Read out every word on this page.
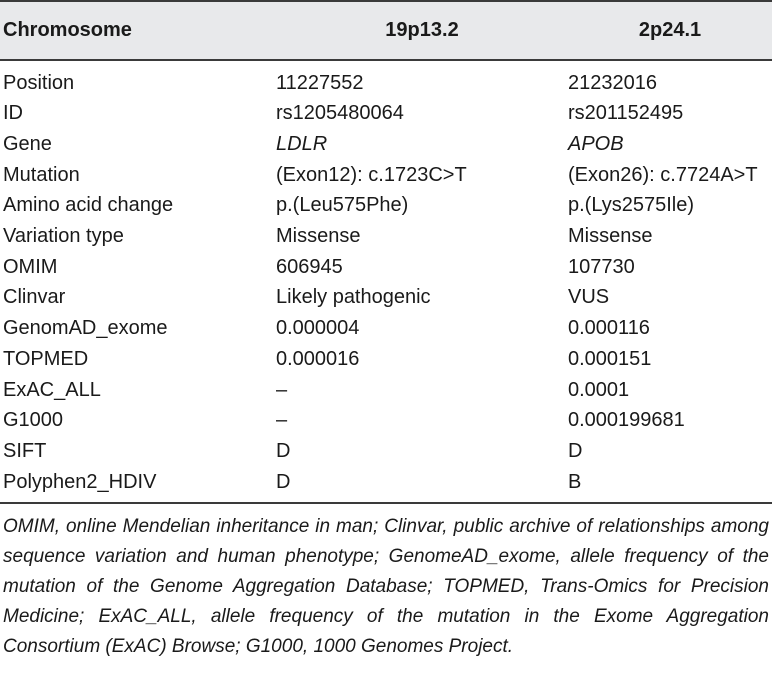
Chromosome	19p13.2	2p24.1
Position	11227552	21232016
ID	rs1205480064	rs201152495
Gene	LDLR	APOB
Mutation	(Exon12): c.1723C>T	(Exon26): c.7724A>T
Amino acid change	p.(Leu575Phe)	p.(Lys2575Ile)
Variation type	Missense	Missense
OMIM	606945	107730
Clinvar	Likely pathogenic	VUS
GenomAD_exome	0.000004	0.000116
TOPMED	0.000016	0.000151
ExAC_ALL	–	0.0001
G1000	–	0.000199681
SIFT	D	D
Polyphen2_HDIV	D	B

OMIM, online Mendelian inheritance in man; Clinvar, public archive of relationships among sequence variation and human phenotype; GenomeAD_exome, allele frequency of the mutation of the Genome Aggregation Database; TOPMED, Trans-Omics for Precision Medicine; ExAC_ALL, allele frequency of the mutation in the Exome Aggregation Consortium (ExAC) Browse; G1000, 1000 Genomes Project.
